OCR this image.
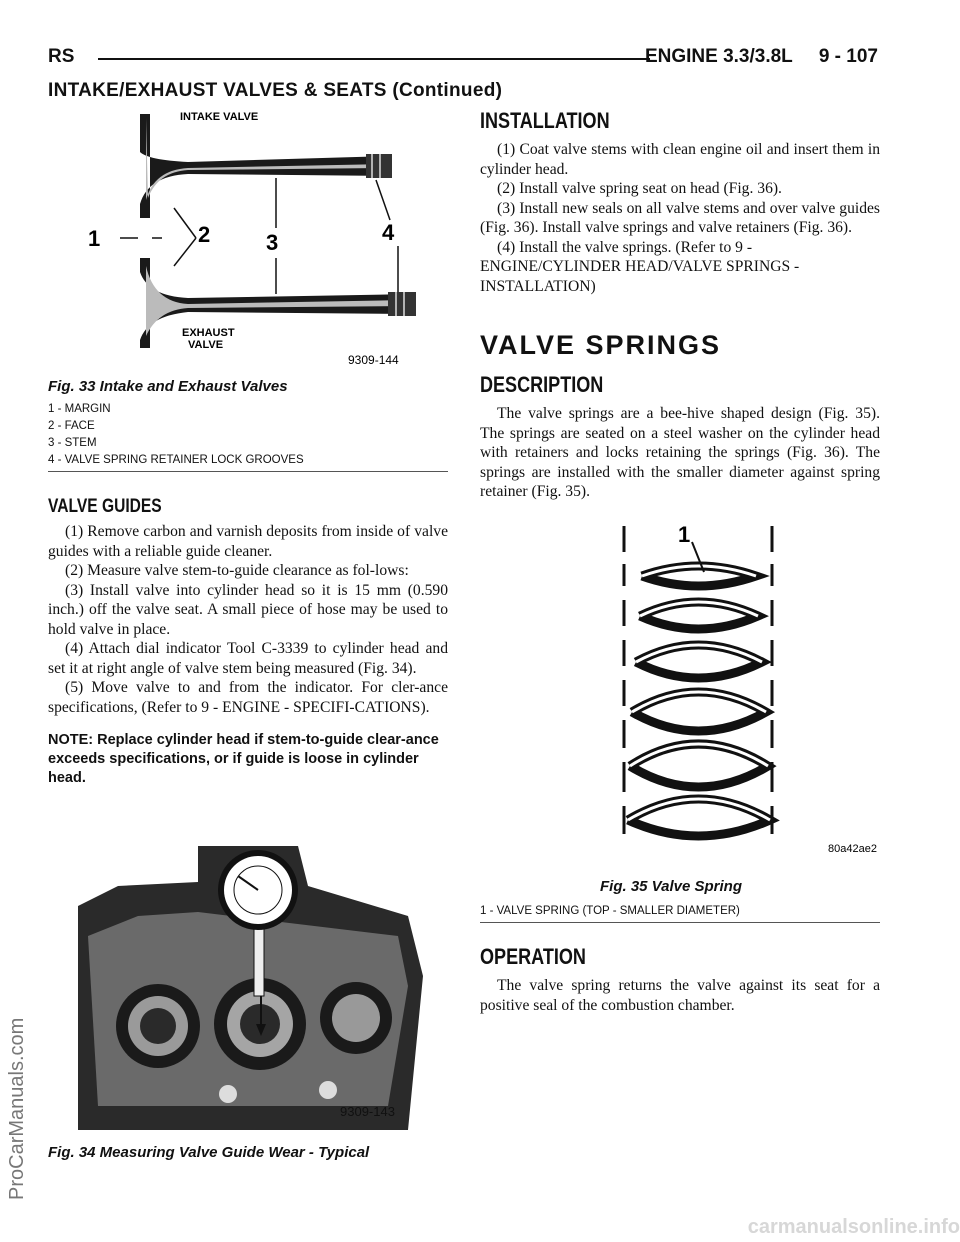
RS	ENGINE 3.3/3.8L     9 - 107
INTAKE/EXHAUST VALVES & SEATS (Continued)
INTAKE VALVE
1	2	3	4
EXHAUST
VALVE
9309-144
Fig. 33 Intake and Exhaust Valves
1 - MARGIN
2 - FACE
3 - STEM
4 - VALVE SPRING RETAINER LOCK GROOVES
VALVE GUIDES

(1) Remove carbon and varnish deposits from inside of valve guides with a reliable guide cleaner.

(2) Measure valve stem-to-guide clearance as fol-lows:

(3) Install valve into cylinder head so it is 15 mm (0.590 inch.) off the valve seat. A small piece of hose may be used to hold valve in place.

(4) Attach dial indicator Tool C-3339 to cylinder head and set it at right angle of valve stem being measured (Fig. 34).

(5) Move valve to and from the indicator. For cler-ance specifications, (Refer to 9 - ENGINE - SPECIFI-CATIONS).

NOTE: Replace cylinder head if stem-to-guide clear-ance exceeds specifications, or if guide is loose in cylinder head.

9309-143
Fig. 34 Measuring Valve Guide Wear - Typical
INSTALLATION

(1) Coat valve stems with clean engine oil and insert them in cylinder head.

(2) Install valve spring seat on head (Fig. 36).

(3) Install new seals on all valve stems and over valve guides (Fig. 36). Install valve springs and valve retainers (Fig. 36).

(4) Install the valve springs. (Refer to 9 - ENGINE/CYLINDER HEAD/VALVE SPRINGS - INSTALLATION)

VALVE SPRINGS
DESCRIPTION

The valve springs are a bee-hive shaped design (Fig. 35). The springs are seated on a steel washer on the cylinder head with retainers and locks retaining the springs (Fig. 36). The springs are installed with the smaller diameter against spring retainer (Fig. 35).

1
80a42ae2
Fig. 35 Valve Spring
1 - VALVE SPRING (TOP - SMALLER DIAMETER)
OPERATION

The valve spring returns the valve against its seat for a positive seal of the combustion chamber.

ProCarManuals.com
carmanualsonline.info
